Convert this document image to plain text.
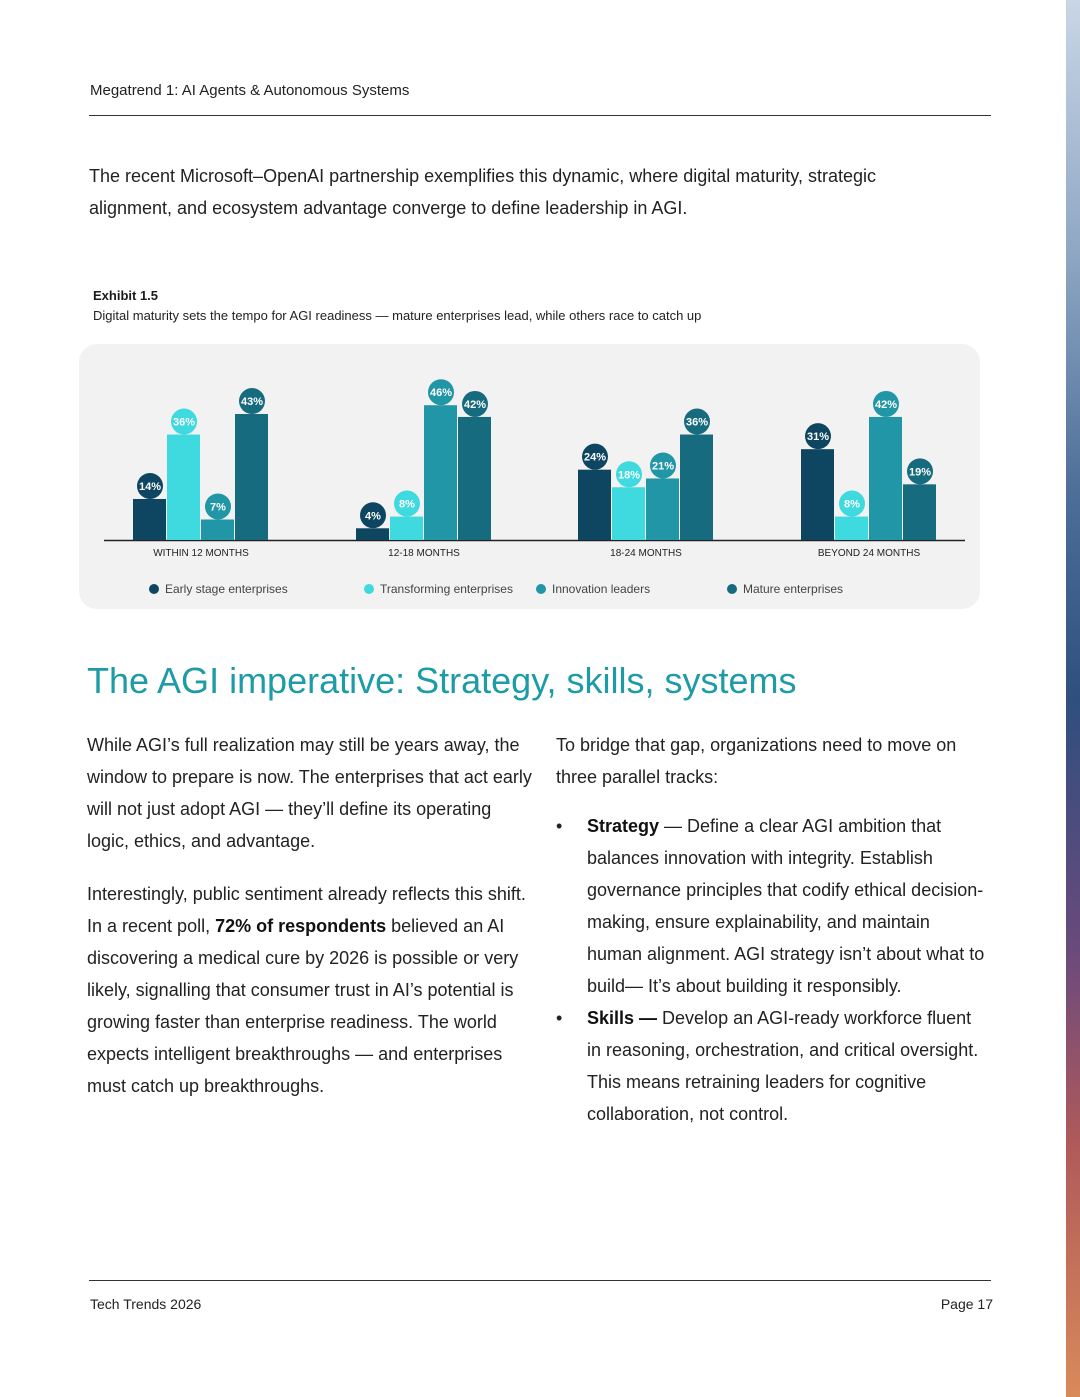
Megatrend 1: AI Agents & Autonomous Systems
The recent Microsoft–OpenAI partnership exemplifies this dynamic, where digital maturity, strategic alignment, and ecosystem advantage converge to define leadership in AGI.
Exhibit 1.5
Digital maturity sets the tempo for AGI readiness — mature enterprises lead, while others race to catch up
14%
36%
7%
43%
WITHIN 12 MONTHS
4%
8%
46%
42%
12-18 MONTHS
24%
18%
21%
36%
18-24 MONTHS
31%
8%
42%
19%
BEYOND 24 MONTHS
Early stage enterprises	Transforming enterprises	Innovation leaders	Mature enterprises
The AGI imperative: Strategy, skills, systems

While AGI’s full realization may still be years away, the window to prepare is now. The enterprises that act early will not just adopt AGI — they’ll define its operating logic, ethics, and advantage.

Interestingly, public sentiment already reflects this shift. In a recent poll, 72% of respondents believed an AI discovering a medical cure by 2026 is possible or very likely, signalling that consumer trust in AI’s potential is growing faster than enterprise readiness. The world expects intelligent breakthroughs — and enterprises must catch up breakthroughs.

To bridge that gap, organizations need to move on three parallel tracks:

• Strategy — Define a clear AGI ambition that balances innovation with integrity. Establish governance principles that codify ethical decision-making, ensure explainability, and maintain human alignment. AGI strategy isn’t about what to build— It’s about building it responsibly.
• Skills — Develop an AGI-ready workforce fluent in reasoning, orchestration, and critical oversight. This means retraining leaders for cognitive collaboration, not control.
Tech Trends 2026	Page 17
